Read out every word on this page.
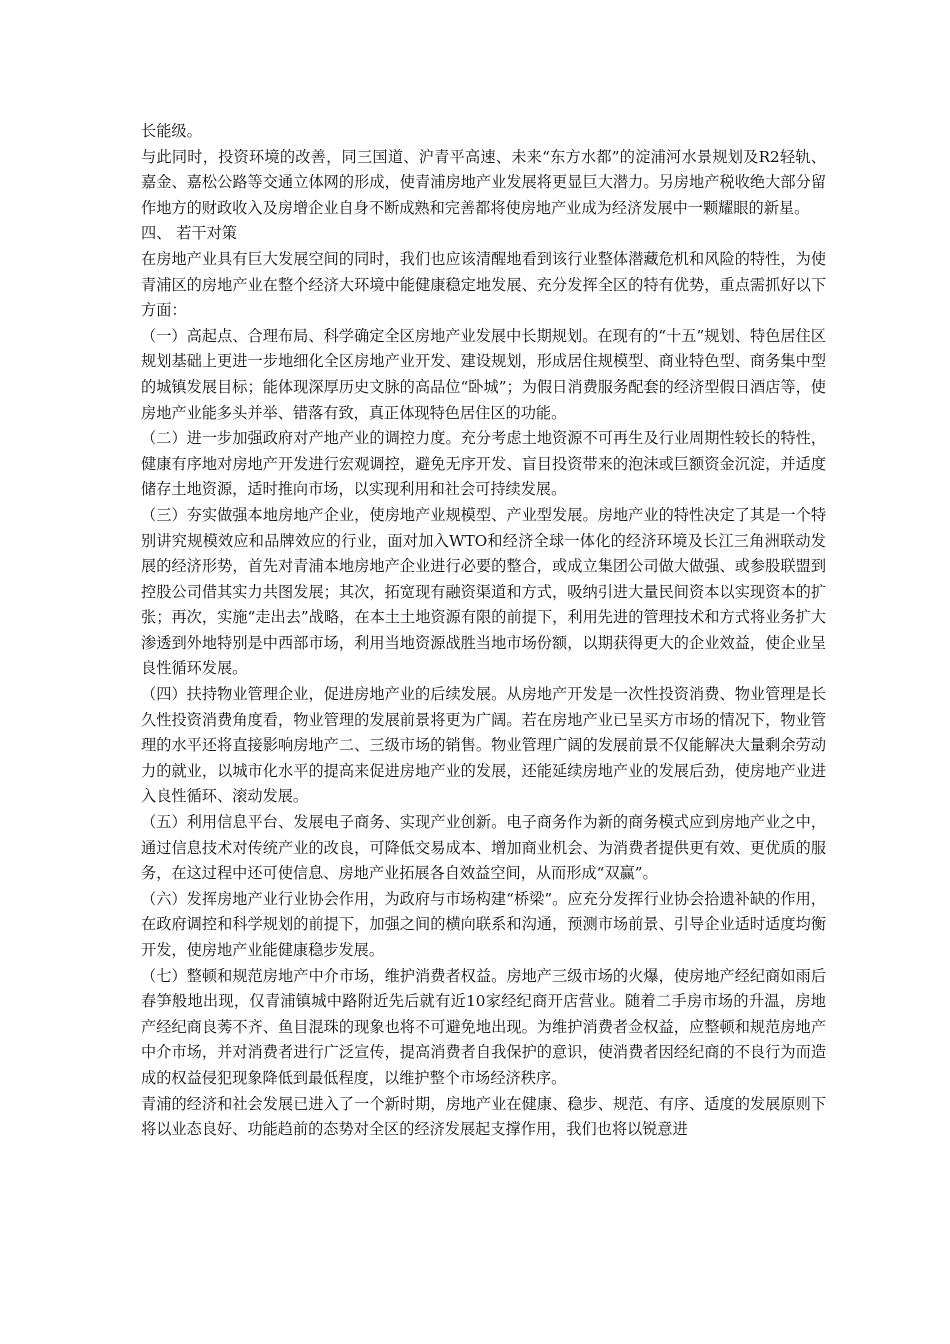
长能级。

与此同时，投资环境的改善，同三国道、沪青平高速、未来“东方水都”的淀浦河水景规划及R2轻轨、嘉金、嘉松公路等交通立体网的形成，使青浦房地产业发展将更显巨大潜力。另房地产税收绝大部分留作地方的财政收入及房增企业自身不断成熟和完善都将使房地产业成为经济发展中一颗耀眼的新星。

四、 若干对策

在房地产业具有巨大发展空间的同时，我们也应该清醒地看到该行业整体潜藏危机和风险的特性，为使青浦区的房地产业在整个经济大环境中能健康稳定地发展、充分发挥全区的特有优势，重点需抓好以下方面：

（一）高起点、合理布局、科学确定全区房地产业发展中长期规划。在现有的“十五”规划、特色居住区规划基础上更进一步地细化全区房地产业开发、建设规划，形成居住规模型、商业特色型、商务集中型的城镇发展目标；能体现深厚历史文脉的高品位“卧城”；为假日消费服务配套的经济型假日酒店等，使房地产业能多头并举、错落有致，真正体现特色居住区的功能。

（二）进一步加强政府对产地产业的调控力度。充分考虑土地资源不可再生及行业周期性较长的特性，健康有序地对房地产开发进行宏观调控，避免无序开发、盲目投资带来的泡沫或巨额资金沉淀，并适度储存土地资源，适时推向市场，以实现利用和社会可持续发展。

（三）夯实做强本地房地产企业，使房地产业规模型、产业型发展。房地产业的特性决定了其是一个特别讲究规模效应和品牌效应的行业，面对加入WTO和经济全球一体化的经济环境及长江三角洲联动发展的经济形势，首先对青浦本地房地产企业进行必要的整合，或成立集团公司做大做强、或参股联盟到控股公司借其实力共图发展；其次，拓宽现有融资渠道和方式，吸纳引进大量民间资本以实现资本的扩张；再次，实施“走出去”战略，在本土土地资源有限的前提下，利用先进的管理技术和方式将业务扩大渗透到外地特别是中西部市场，利用当地资源战胜当地市场份额，以期获得更大的企业效益，使企业呈良性循环发展。

（四）扶持物业管理企业，促进房地产业的后续发展。从房地产开发是一次性投资消费、物业管理是长久性投资消费角度看，物业管理的发展前景将更为广阔。若在房地产业已呈买方市场的情况下，物业管理的水平还将直接影响房地产二、三级市场的销售。物业管理广阔的发展前景不仅能解决大量剩余劳动力的就业，以城市化水平的提高来促进房地产业的发展，还能延续房地产业的发展后劲，使房地产业进入良性循环、滚动发展。

（五）利用信息平台、发展电子商务、实现产业创新。电子商务作为新的商务模式应到房地产业之中，通过信息技术对传统产业的改良，可降低交易成本、增加商业机会、为消费者提供更有效、更优质的服务，在这过程中还可使信息、房地产业拓展各自效益空间，从而形成“双赢”。

（六）发挥房地产业行业协会作用，为政府与市场构建“桥梁”。应充分发挥行业协会拾遗补缺的作用，在政府调控和科学规划的前提下，加强之间的横向联系和沟通，预测市场前景、引导企业适时适度均衡开发，使房地产业能健康稳步发展。

（七）整顿和规范房地产中介市场，维护消费者权益。房地产三级市场的火爆，使房地产经纪商如雨后春笋般地出现，仅青浦镇城中路附近先后就有近10家经纪商开店营业。随着二手房市场的升温，房地产经纪商良莠不齐、鱼目混珠的现象也将不可避免地出现。为维护消费者佥权益，应整顿和规范房地产中介市场，并对消费者进行广泛宣传，提高消费者自我保护的意识，使消费者因经纪商的不良行为而造成的权益侵犯现象降低到最低程度，以维护整个市场经济秩序。

青浦的经济和社会发展已进入了一个新时期，房地产业在健康、稳步、规范、有序、适度的发展原则下将以业态良好、功能趋前的态势对全区的经济发展起支撑作用，我们也将以锐意进
